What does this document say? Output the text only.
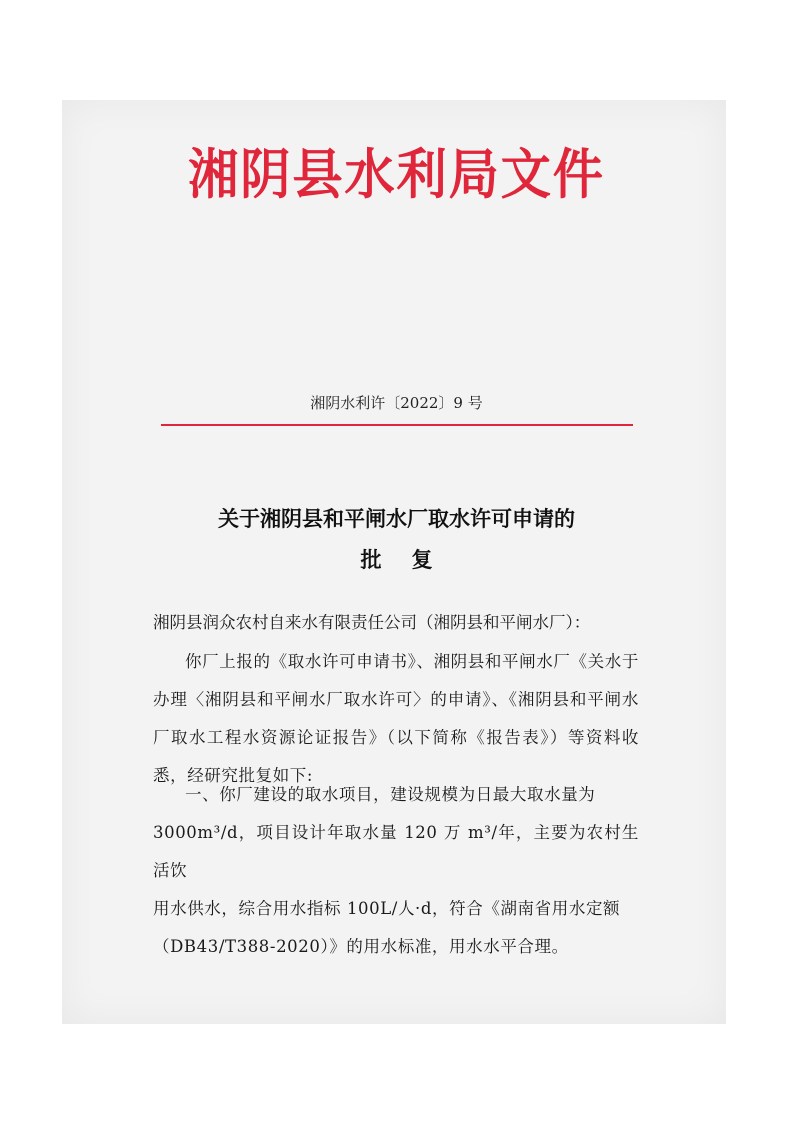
湘阴县水利局文件
湘阴水利许〔2022〕9 号
关于湘阴县和平闸水厂取水许可申请的
批复
湘阴县润众农村自来水有限责任公司（湘阴县和平闸水厂）：
你厂上报的《取水许可申请书》、湘阴县和平闸水厂《关水于办理〈湘阴县和平闸水厂取水许可〉的申请》、《湘阴县和平闸水厂取水工程水资源论证报告》（以下简称《报告表》）等资料收悉，经研究批复如下:
一、你厂建设的取水项目，建设规模为日最大取水量为
3000m³/d，项目设计年取水量 120 万 m³/年，主要为农村生活饮
用水供水，综合用水指标 100L/人·d，符合《湖南省用水定额
（DB43/T388-2020）》的用水标准，用水水平合理。
